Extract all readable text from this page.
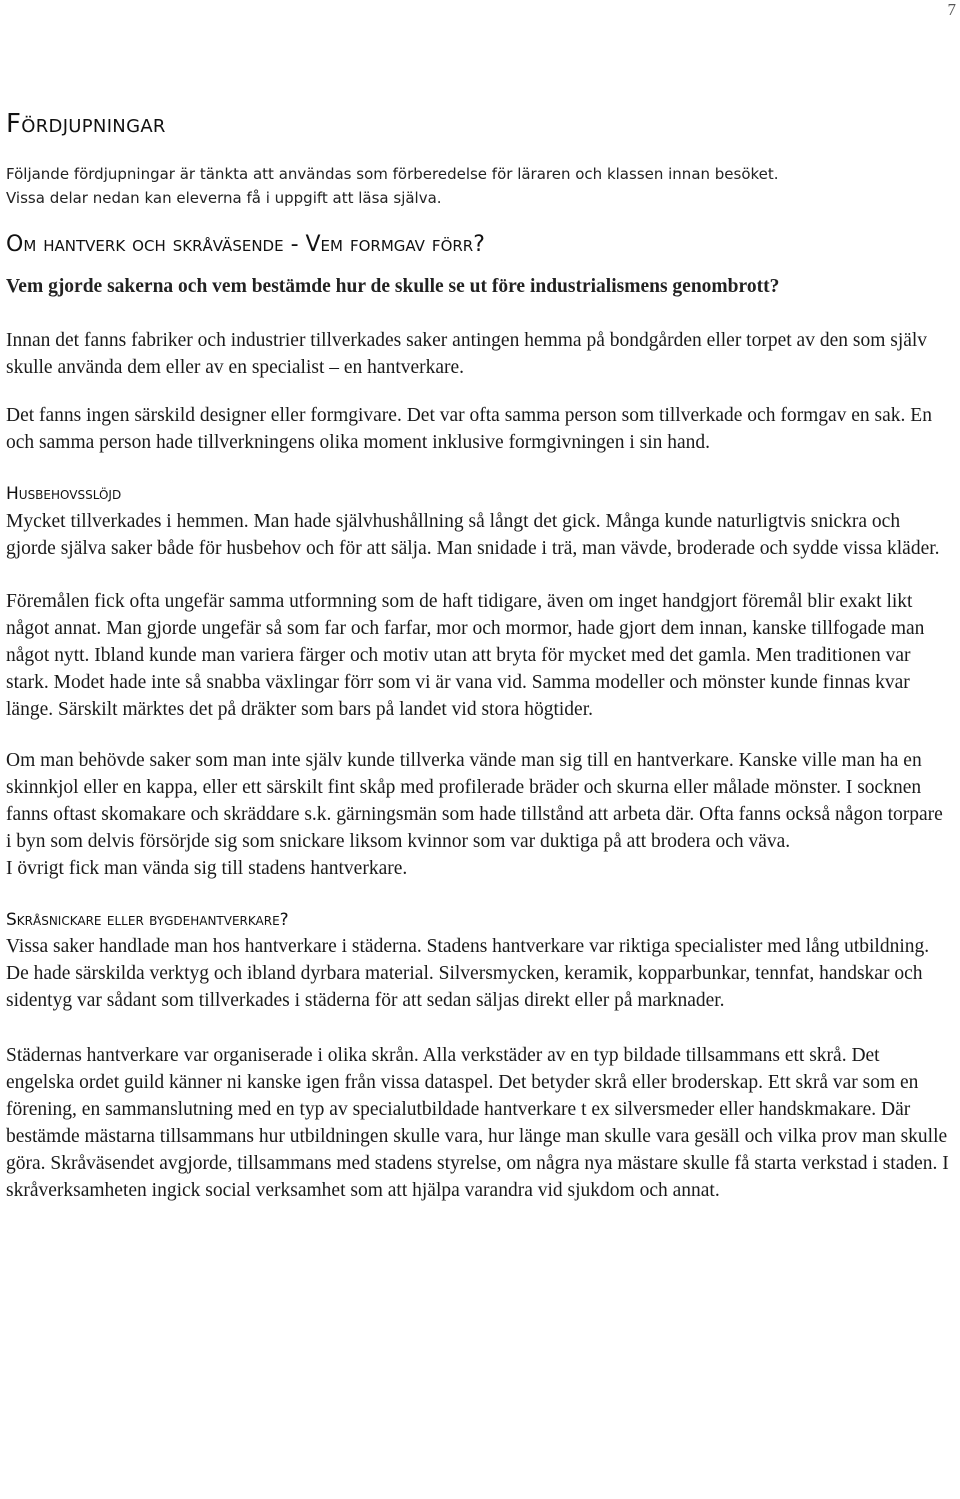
7
Fördjupningar
Följande fördjupningar är tänkta att användas som förberedelse för läraren och klassen innan besöket.
Vissa delar nedan kan eleverna få i uppgift att läsa själva.
Om hantverk och skråväsende - Vem formgav förr?
Vem gjorde sakerna och vem bestämde hur de skulle se ut före industrialismens genombrott?

Innan det fanns fabriker och industrier tillverkades saker antingen hemma på bondgården eller torpet av den som själv skulle använda dem eller av en specialist – en hantverkare.

Det fanns ingen särskild designer eller formgivare. Det var ofta samma person som tillverkade och formgav en sak. En och samma person hade tillverkningens olika moment inklusive formgivningen i sin hand.

Husbehovsslöjd

Mycket tillverkades i hemmen. Man hade självhushållning så långt det gick. Många kunde naturligtvis snickra och gjorde själva saker både för husbehov och för att sälja. Man snidade i trä, man vävde, broderade och sydde vissa kläder.

Föremålen fick ofta ungefär samma utformning som de haft tidigare, även om inget handgjort föremål blir exakt likt något annat. Man gjorde ungefär så som far och farfar, mor och mormor, hade gjort dem innan, kanske tillfogade man något nytt. Ibland kunde man variera färger och motiv utan att bryta för mycket med det gamla. Men traditionen var stark. Modet hade inte så snabba växlingar förr som vi är vana vid. Samma modeller och mönster kunde finnas kvar länge. Särskilt märktes det på dräkter som bars på landet vid stora högtider.

Om man behövde saker som man inte själv kunde tillverka vände man sig till en hantverkare. Kanske ville man ha en skinnkjol eller en kappa, eller ett särskilt fint skåp med profilerade bräder och skurna eller målade mönster. I socknen fanns oftast skomakare och skräddare s.k. gärningsmän som hade tillstånd att arbeta där. Ofta fanns också någon torpare i byn som delvis försörjde sig som snickare liksom kvinnor som var duktiga på att brodera och väva.

I övrigt fick man vända sig till stadens hantverkare.

Skråsnickare eller bygdehantverkare?

Vissa saker handlade man hos hantverkare i städerna. Stadens hantverkare var riktiga specialister med lång utbildning. De hade särskilda verktyg och ibland dyrbara material. Silversmycken, keramik, kopparbunkar, tennfat, handskar och sidentyg var sådant som tillverkades i städerna för att sedan säljas direkt eller på marknader.

Städernas hantverkare var organiserade i olika skrån. Alla verkstäder av en typ bildade tillsammans ett skrå. Det engelska ordet guild känner ni kanske igen från vissa dataspel. Det betyder skrå eller broderskap. Ett skrå var som en förening, en sammanslutning med en typ av specialutbildade hantverkare t ex silversmeder eller handskmakare. Där bestämde mästarna tillsammans hur utbildningen skulle vara, hur länge man skulle vara gesäll och vilka prov man skulle göra. Skråväsendet avgjorde, tillsammans med stadens styrelse, om några nya mästare skulle få starta verkstad i staden. I skråverksamheten ingick social verksamhet som att hjälpa varandra vid sjukdom och annat.
